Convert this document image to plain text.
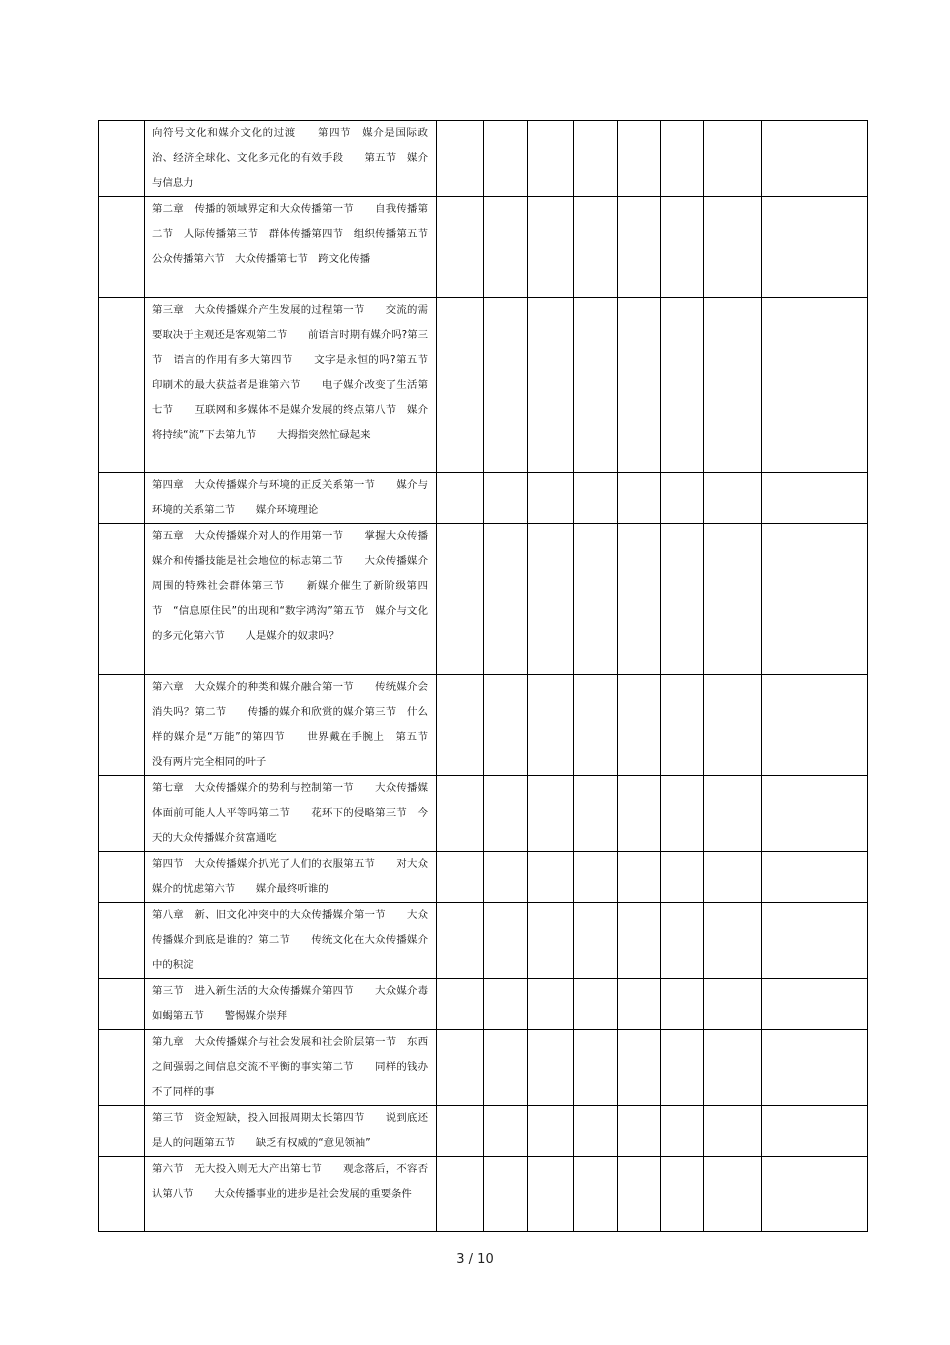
	向符号文化和媒介文化的过渡　　第四节　媒介是国际政治、经济全球化、文化多元化的有效手段　　第五节　媒介与信息力								

	第二章　传播的领域界定和大众传播第一节　　自我传播第二节　人际传播第三节　群体传播第四节　组织传播第五节　公众传播第六节　大众传播第七节　跨文化传播								

	第三章　大众传播媒介产生发展的过程第一节　　交流的需要取决于主观还是客观第二节　　前语言时期有媒介吗?第三节　语言的作用有多大第四节　　文字是永恒的吗?第五节　印刷术的最大获益者是谁第六节　　电子媒介改变了生活第七节　　互联网和多媒体不是媒介发展的终点第八节　媒介将持续“流”下去第九节　　大拇指突然忙碌起来								

	第四章　大众传播媒介与环境的正反关系第一节　　媒介与环境的关系第二节　　媒介环境理论								

	第五章　大众传播媒介对人的作用第一节　　掌握大众传播媒介和传播技能是社会地位的标志第二节　　大众传播媒介周围的特殊社会群体第三节　　新媒介催生了新阶级第四节　“信息原住民”的出现和“数字鸿沟”第五节　媒介与文化的多元化第六节　　人是媒介的奴隶吗？								

	第六章　大众媒介的种类和媒介融合第一节　　传统媒介会消失吗？第二节　　传播的媒介和欣赏的媒介第三节　什么样的媒介是“万能”的第四节　　世界戴在手腕上　第五节　没有两片完全相同的叶子								

	第七章　大众传播媒介的势利与控制第一节　　大众传播媒体面前可能人人平等吗第二节　　花环下的侵略第三节　今天的大众传播媒介贫富通吃								

	第四节　大众传播媒介扒光了人们的衣服第五节　　对大众媒介的忧虑第六节　　媒介最终听谁的								

	第八章　新、旧文化冲突中的大众传播媒介第一节　　大众传播媒介到底是谁的？第二节　　传统文化在大众传播媒介中的积淀								

	第三节　进入新生活的大众传播媒介第四节　　大众媒介毒如蝎第五节　　警惕媒介崇拜								

	第九章　大众传播媒介与社会发展和社会阶层第一节　东西之间强弱之间信息交流不平衡的事实第二节　　同样的钱办不了同样的事								

	第三节　资金短缺，投入回报周期太长第四节　　说到底还是人的问题第五节　　缺乏有权威的“意见领袖”								

	第六节　无大投入则无大产出第七节　　观念落后，不容否认第八节　　大众传播事业的进步是社会发展的重要条件								

3 / 10
